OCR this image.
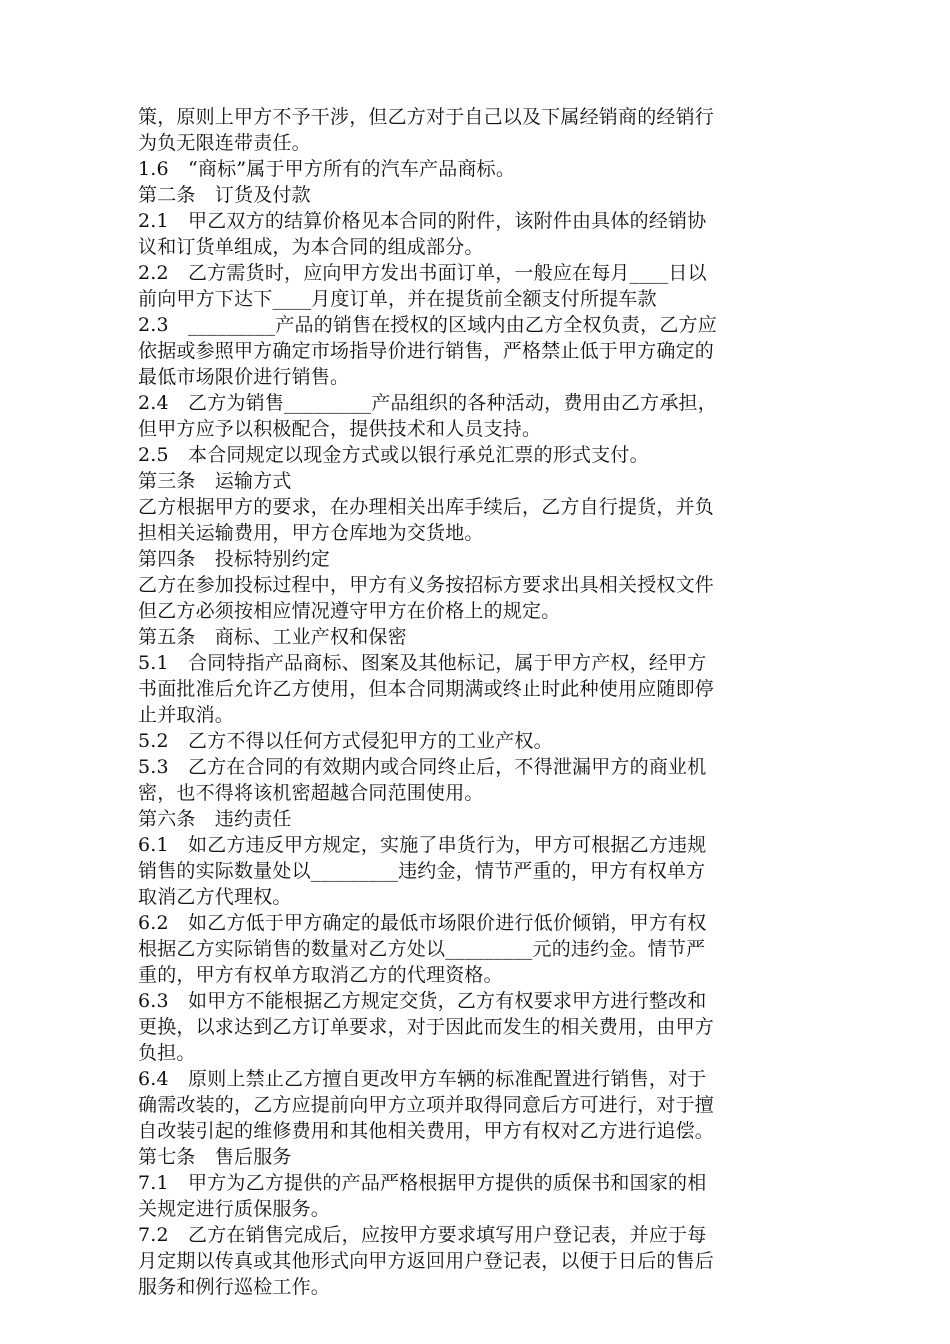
策，原则上甲方不予干涉，但乙方对于自己以及下属经销商的经销行
为负无限连带责任。
1.6　“商标”属于甲方所有的汽车产品商标。
第二条　订货及付款
2.1　甲乙双方的结算价格见本合同的附件，该附件由具体的经销协
议和订货单组成，为本合同的组成部分。
2.2　乙方需货时，应向甲方发出书面订单，一般应在每月____日以
前向甲方下达下____月度订单，并在提货前全额支付所提车款
2.3　_________产品的销售在授权的区域内由乙方全权负责，乙方应
依据或参照甲方确定市场指导价进行销售，严格禁止低于甲方确定的
最低市场限价进行销售。
2.4　乙方为销售_________产品组织的各种活动，费用由乙方承担，
但甲方应予以积极配合，提供技术和人员支持。
2.5　本合同规定以现金方式或以银行承兑汇票的形式支付。
第三条　运输方式
乙方根据甲方的要求，在办理相关出库手续后，乙方自行提货，并负
担相关运输费用，甲方仓库地为交货地。
第四条　投标特别约定
乙方在参加投标过程中，甲方有义务按招标方要求出具相关授权文件
但乙方必须按相应情况遵守甲方在价格上的规定。
第五条　商标、工业产权和保密
5.1　合同特指产品商标、图案及其他标记，属于甲方产权，经甲方
书面批准后允许乙方使用，但本合同期满或终止时此种使用应随即停
止并取消。
5.2　乙方不得以任何方式侵犯甲方的工业产权。
5.3　乙方在合同的有效期内或合同终止后，不得泄漏甲方的商业机
密，也不得将该机密超越合同范围使用。
第六条　违约责任
6.1　如乙方违反甲方规定，实施了串货行为，甲方可根据乙方违规
销售的实际数量处以_________违约金，情节严重的，甲方有权单方
取消乙方代理权。
6.2　如乙方低于甲方确定的最低市场限价进行低价倾销，甲方有权
根据乙方实际销售的数量对乙方处以_________元的违约金。情节严
重的，甲方有权单方取消乙方的代理资格。
6.3　如甲方不能根据乙方规定交货，乙方有权要求甲方进行整改和
更换，以求达到乙方订单要求，对于因此而发生的相关费用，由甲方
负担。
6.4　原则上禁止乙方擅自更改甲方车辆的标准配置进行销售，对于
确需改装的，乙方应提前向甲方立项并取得同意后方可进行，对于擅
自改装引起的维修费用和其他相关费用，甲方有权对乙方进行追偿。
第七条　售后服务
7.1　甲方为乙方提供的产品严格根据甲方提供的质保书和国家的相
关规定进行质保服务。
7.2　乙方在销售完成后，应按甲方要求填写用户登记表，并应于每
月定期以传真或其他形式向甲方返回用户登记表，以便于日后的售后
服务和例行巡检工作。
